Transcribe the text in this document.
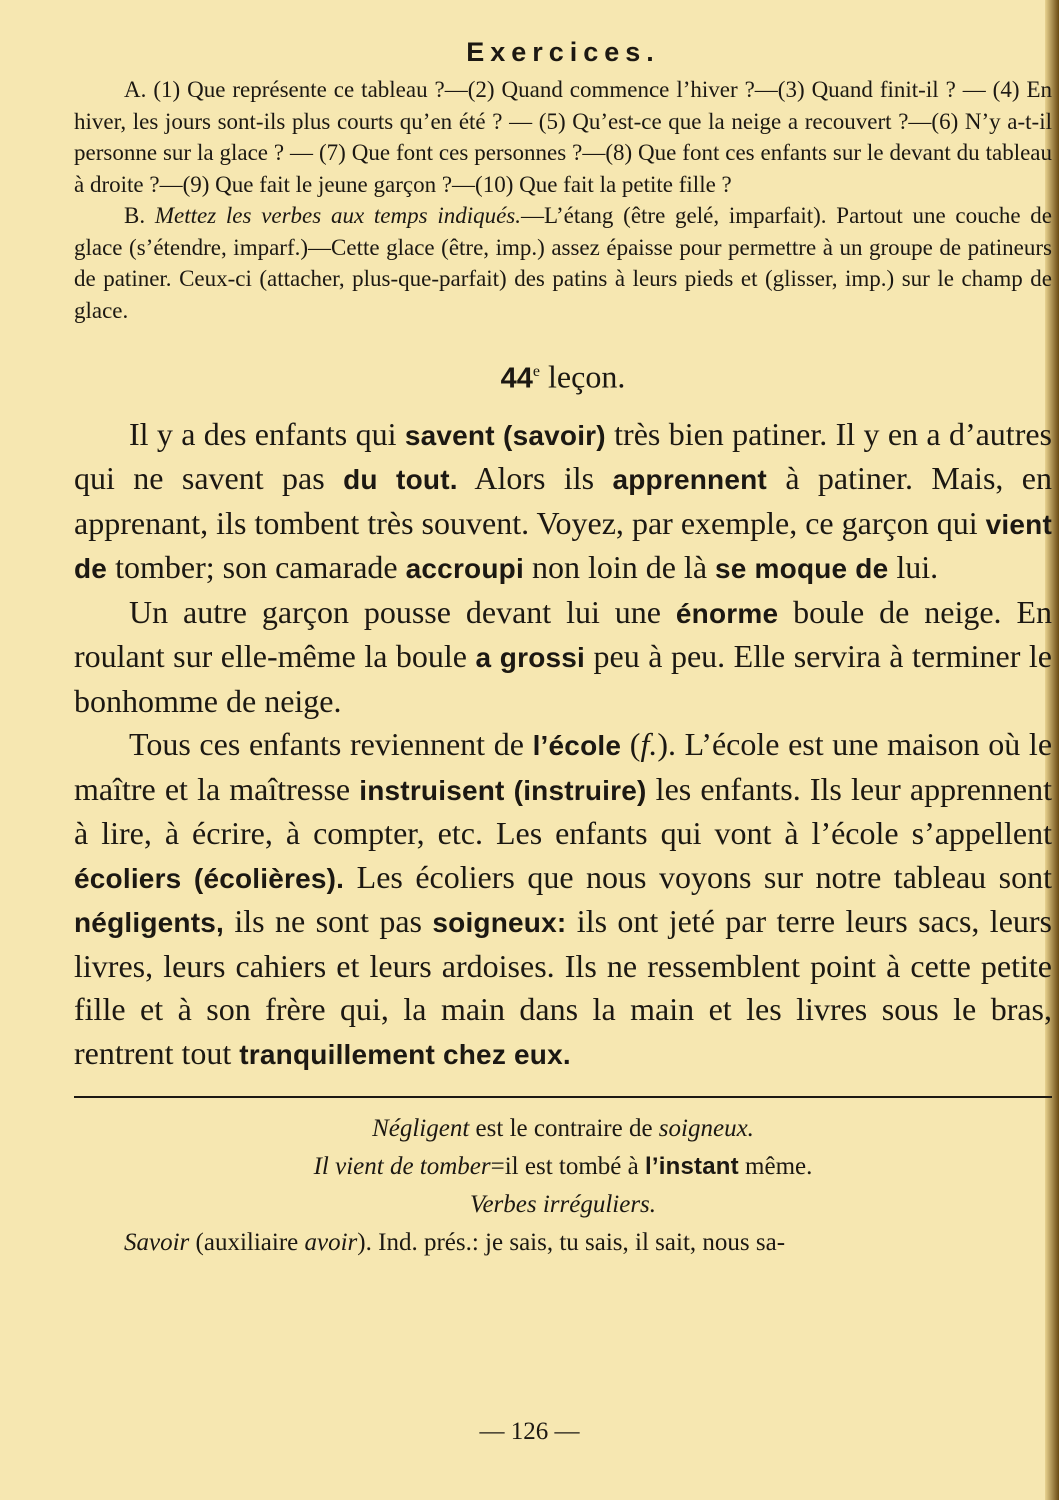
Exercices.

A. (1) Que représente ce tableau ?—(2) Quand commence l’hiver ?—(3) Quand finit-il ? — (4) En hiver, les jours sont-ils plus courts qu’en été ? — (5) Qu’est-ce que la neige a recouvert ?—(6) N’y a-t-il personne sur la glace ? — (7) Que font ces personnes ?—(8) Que font ces enfants sur le devant du tableau à droite ?—(9) Que fait le jeune garçon ?—(10) Que fait la petite fille ?

B. Mettez les verbes aux temps indiqués.—L’étang (être gelé, imparfait). Partout une couche de glace (s’étendre, imparf.)—Cette glace (être, imp.) assez épaisse pour permettre à un groupe de patineurs de patiner. Ceux-ci (attacher, plus-que-parfait) des patins à leurs pieds et (glisser, imp.) sur le champ de glace.

44e leçon.

Il y a des enfants qui savent (savoir) très bien patiner. Il y en a d’autres qui ne savent pas du tout. Alors ils apprennent à patiner. Mais, en apprenant, ils tombent très souvent. Voyez, par exemple, ce garçon qui vient de tomber; son camarade accroupi non loin de là se moque de lui.

Un autre garçon pousse devant lui une énorme boule de neige. En roulant sur elle-même la boule a grossi peu à peu. Elle servira à terminer le bonhomme de neige.

Tous ces enfants reviennent de l’école (f.). L’école est une maison où le maître et la maîtresse instruisent (instruire) les enfants. Ils leur apprennent à lire, à écrire, à compter, etc. Les enfants qui vont à l’école s’appellent écoliers (écolières). Les écoliers que nous voyons sur notre tableau sont négligents, ils ne sont pas soigneux: ils ont jeté par terre leurs sacs, leurs livres, leurs cahiers et leurs ardoises. Ils ne ressemblent point à cette petite fille et à son frère qui, la main dans la main et les livres sous le bras, rentrent tout tranquillement chez eux.

Négligent est le contraire de soigneux.
Il vient de tomber=il est tombé à l’instant même.
Verbes irréguliers.
Savoir (auxiliaire avoir). Ind. prés.: je sais, tu sais, il sait, nous sa-
— 126 —
